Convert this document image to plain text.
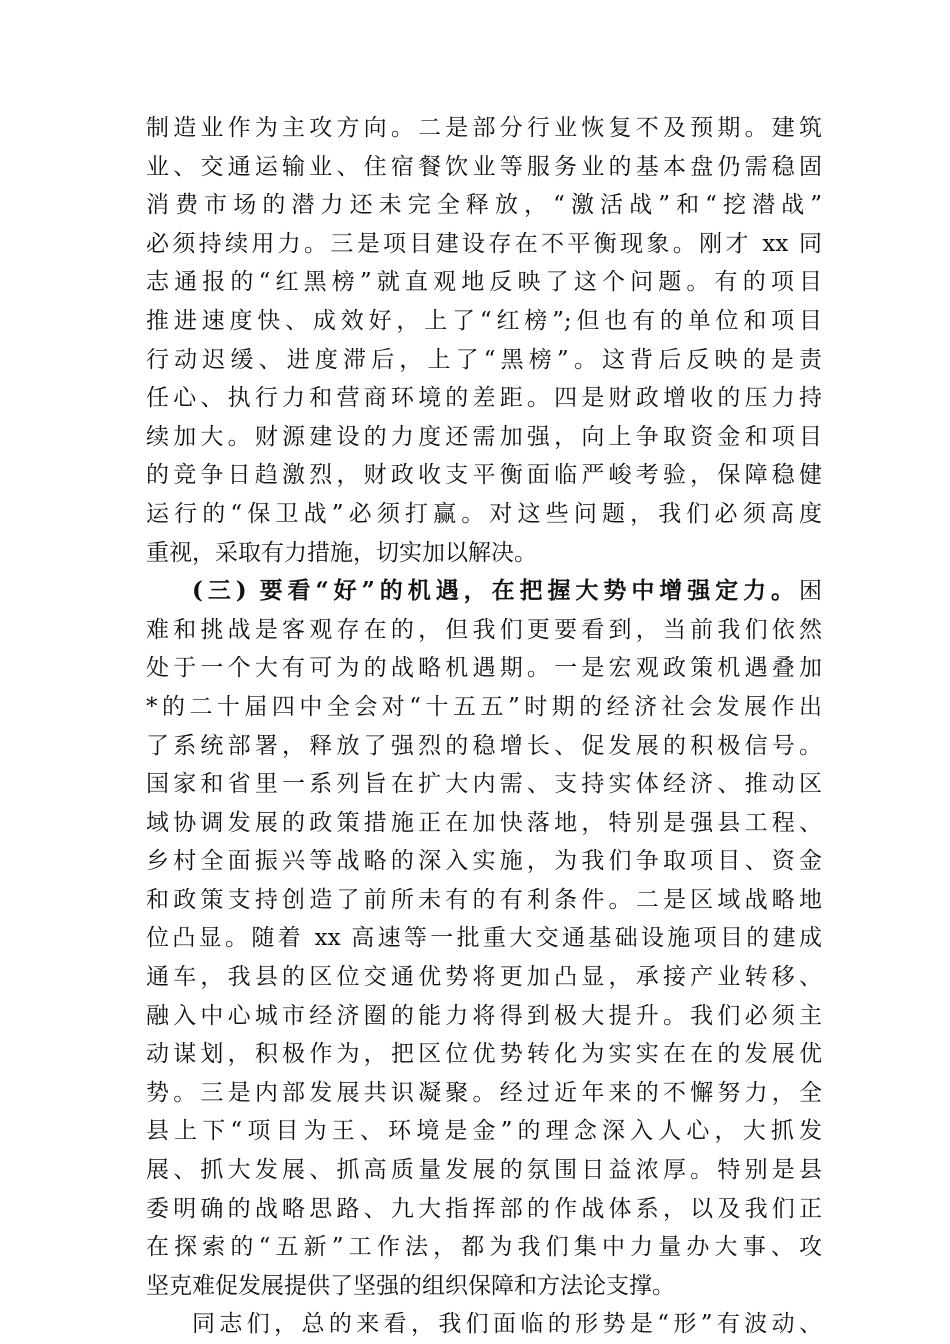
制造业作为主攻方向。二是部分行业恢复不及预期。建筑
业、交通运输业、住宿餐饮业等服务业的基本盘仍需稳固
消费市场的潜力还未完全释放，“激活战”和“挖潜战”
必须持续用力。三是项目建设存在不平衡现象。刚才 xx 同
志通报的“红黑榜”就直观地反映了这个问题。有的项目
推进速度快、成效好，上了“红榜”;但也有的单位和项目
行动迟缓、进度滞后，上了“黑榜”。这背后反映的是责
任心、执行力和营商环境的差距。四是财政增收的压力持
续加大。财源建设的力度还需加强，向上争取资金和项目
的竞争日趋激烈，财政收支平衡面临严峻考验，保障稳健
运行的“保卫战”必须打赢。对这些问题，我们必须高度
重视，采取有力措施，切实加以解决。
(三) 要看“好”的机遇，在把握大势中增强定力。困
难和挑战是客观存在的，但我们更要看到，当前我们依然
处于一个大有可为的战略机遇期。一是宏观政策机遇叠加
*的二十届四中全会对“十五五”时期的经济社会发展作出
了系统部署，释放了强烈的稳增长、促发展的积极信号。
国家和省里一系列旨在扩大内需、支持实体经济、推动区
域协调发展的政策措施正在加快落地，特别是强县工程、
乡村全面振兴等战略的深入实施，为我们争取项目、资金
和政策支持创造了前所未有的有利条件。二是区域战略地
位凸显。随着 xx 高速等一批重大交通基础设施项目的建成
通车，我县的区位交通优势将更加凸显，承接产业转移、
融入中心城市经济圈的能力将得到极大提升。我们必须主
动谋划，积极作为，把区位优势转化为实实在在的发展优
势。三是内部发展共识凝聚。经过近年来的不懈努力，全
县上下“项目为王、环境是金”的理念深入人心，大抓发
展、抓大发展、抓高质量发展的氛围日益浓厚。特别是县
委明确的战略思路、九大指挥部的作战体系，以及我们正
在探索的“五新”工作法，都为我们集中力量办大事、攻
坚克难促发展提供了坚强的组织保障和方法论支撑。
同志们，总的来看，我们面临的形势是“形”有波动、
